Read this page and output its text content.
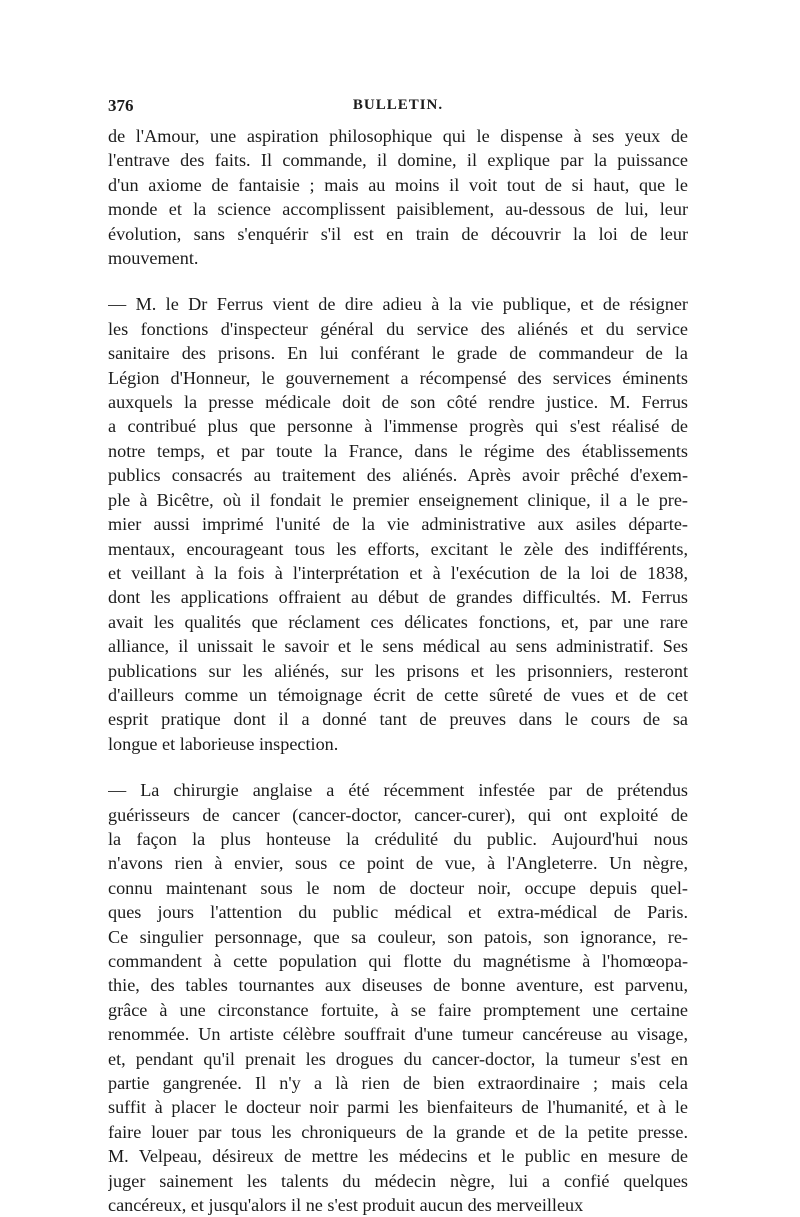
376	BULLETIN.
de l'Amour, une aspiration philosophique qui le dispense à ses yeux de
l'entrave des faits. Il commande, il domine, il explique par la puissance
d'un axiome de fantaisie ; mais au moins il voit tout de si haut, que le
monde et la science accomplissent paisiblement, au-dessous de lui, leur
évolution, sans s'enquérir s'il est en train de découvrir la loi de leur
mouvement.
— M. le Dr Ferrus vient de dire adieu à la vie publique, et de résigner
les fonctions d'inspecteur général du service des aliénés et du service
sanitaire des prisons. En lui conférant le grade de commandeur de la
Légion d'Honneur, le gouvernement a récompensé des services éminents
auxquels la presse médicale doit de son côté rendre justice. M. Ferrus
a contribué plus que personne à l'immense progrès qui s'est réalisé de
notre temps, et par toute la France, dans le régime des établissements
publics consacrés au traitement des aliénés. Après avoir prêché d'exem-
ple à Bicêtre, où il fondait le premier enseignement clinique, il a le pre-
mier aussi imprimé l'unité de la vie administrative aux asiles départe-
mentaux, encourageant tous les efforts, excitant le zèle des indifférents,
et veillant à la fois à l'interprétation et à l'exécution de la loi de 1838,
dont les applications offraient au début de grandes difficultés. M. Ferrus
avait les qualités que réclament ces délicates fonctions, et, par une rare
alliance, il unissait le savoir et le sens médical au sens administratif. Ses
publications sur les aliénés, sur les prisons et les prisonniers, resteront
d'ailleurs comme un témoignage écrit de cette sûreté de vues et de cet
esprit pratique dont il a donné tant de preuves dans le cours de sa
longue et laborieuse inspection.
— La chirurgie anglaise a été récemment infestée par de prétendus
guérisseurs de cancer (cancer-doctor, cancer-curer), qui ont exploité de
la façon la plus honteuse la crédulité du public. Aujourd'hui nous
n'avons rien à envier, sous ce point de vue, à l'Angleterre. Un nègre,
connu maintenant sous le nom de docteur noir, occupe depuis quel-
ques jours l'attention du public médical et extra-médical de Paris.
Ce singulier personnage, que sa couleur, son patois, son ignorance, re-
commandent à cette population qui flotte du magnétisme à l'homœopa-
thie, des tables tournantes aux diseuses de bonne aventure, est parvenu,
grâce à une circonstance fortuite, à se faire promptement une certaine
renommée. Un artiste célèbre souffrait d'une tumeur cancéreuse au visage,
et, pendant qu'il prenait les drogues du cancer-doctor, la tumeur s'est en
partie gangrenée. Il n'y a là rien de bien extraordinaire ; mais cela
suffit à placer le docteur noir parmi les bienfaiteurs de l'humanité, et à le
faire louer par tous les chroniqueurs de la grande et de la petite presse.
M. Velpeau, désireux de mettre les médecins et le public en mesure de
juger sainement les talents du médecin nègre, lui a confié quelques
cancéreux, et jusqu'alors il ne s'est produit aucun des merveilleux
